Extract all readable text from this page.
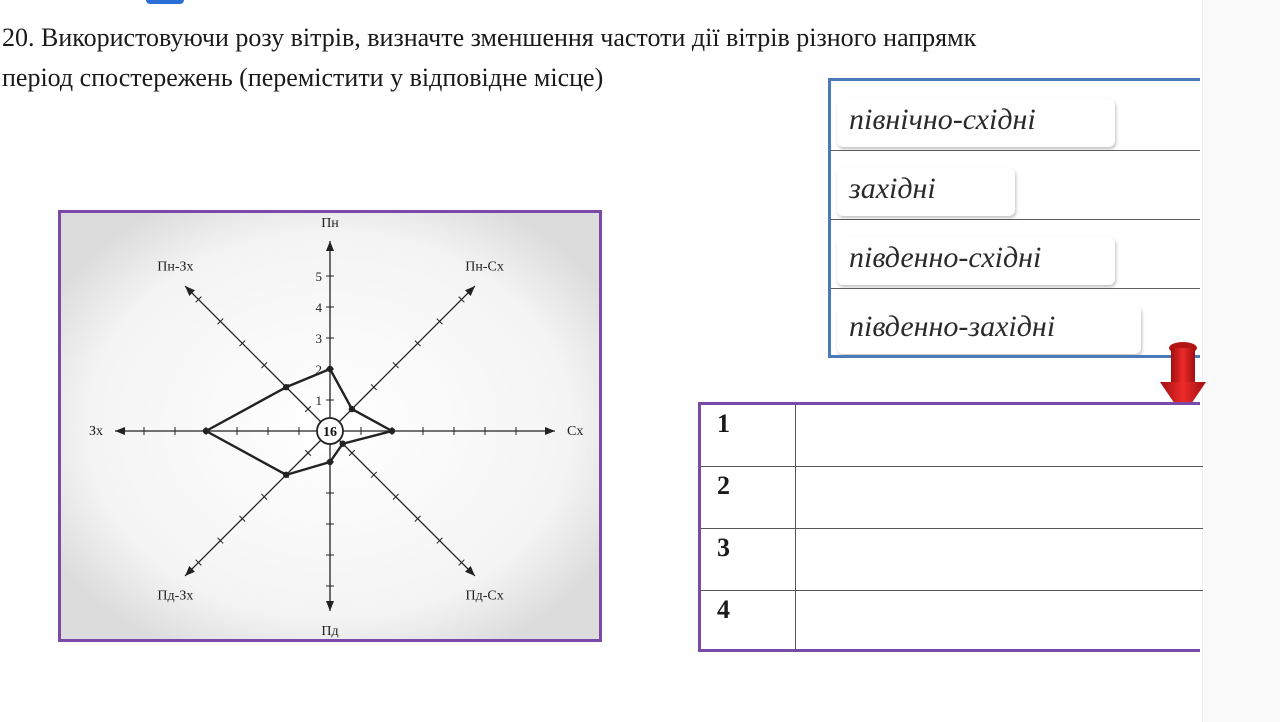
20. Використовуючи розу вітрів, визначте зменшення частоти дії вітрів різного напрямк
період спостережень (перемістити у відповідне місце)
Пн
Пн-Сх
Сх
Пд-Сх
Пд
Пд-Зх
Зх
Пн-Зх
1
2
3
4
5
16
північно-східні
західні
південно-східні
південно-західні
1
2
3
4
